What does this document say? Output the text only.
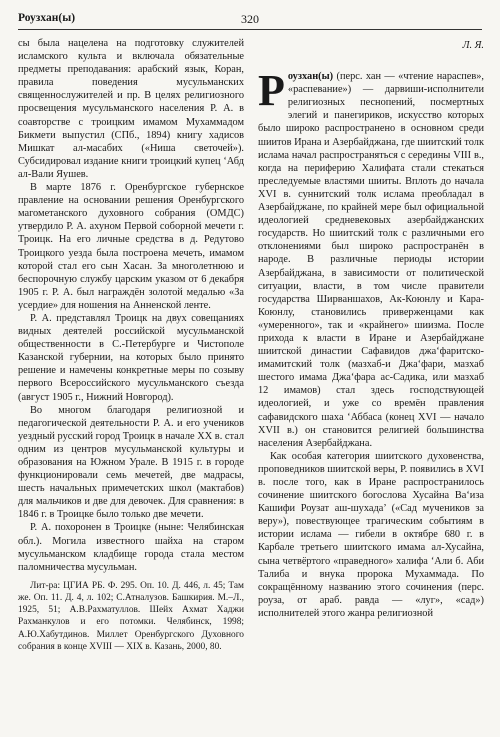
Роузхан(ы)	320

сы была нацелена на подготовку служителей исламского культа и включала обязательные предметы преподавания: арабский язык, Коран, правила поведения мусульманских священнослужителей и пр. В целях религиозного просвещения мусульманского населения Р. А. в соавторстве с троицким имамом Мухаммадом Бикмети выпустил (СПб., 1894) книгу хадисов Мишкат ал-масабих («Ниша светочей»). Субсидировал издание книги троицкий купец ‘Абд ал-Вали Яушев.

В марте 1876 г. Оренбургское губернское правление на основании решения Оренбургского магометанского духовного собрания (ОМДС) утвердило Р. А. ахуном Первой соборной мечети г. Троицк. На его личные средства в д. Редутово Троицкого уезда была построена мечеть, имамом которой стал его сын Хасан. За многолетнюю и беспорочную службу царским указом от 6 декабря 1905 г. Р. А. был награждён золотой медалью «За усердие» для ношения на Анненской ленте.

Р. А. представлял Троицк на двух совещаниях видных деятелей российской мусульманской общественности в С.-Петербурге и Чистополе Казанской губернии, на которых было принято решение и намечены конкретные меры по созыву первого Всероссийского мусульманского съезда (август 1905 г., Нижний Новгород).

Во многом благодаря религиозной и педагогической деятельности Р. А. и его учеников уездный русский город Троицк в начале XX в. стал одним из центров мусульманской культуры и образования на Южном Урале. В 1915 г. в городе функционировали семь мечетей, две мадрасы, шесть начальных примечетских школ (мактабов) для мальчиков и две для девочек. Для сравнения: в 1846 г. в Троицке было только две мечети.

Р. А. похоронен в Троицке (ныне: Челябинская обл.). Могила известного шайха на старом мусульманском кладбище города стала местом паломничества мусульман.

Лит-ра: ЦГИА РБ. Ф. 295. Оп. 10. Д. 446, л. 45; Там же. Оп. 11. Д. 4, л. 102; С.Атналузов. Башкирия. М.–Л., 1925, 51; А.В.Рахматуллов. Шейх Ахмат Хаджи Рахманкулов и его потомки. Челябинск, 1998; А.Ю.Хабутдинов. Миллет Оренбургского Духовного собрания в конце XVIII — XIX в. Казань, 2000, 80.

Л. Я.
Р оузхан(ы) (перс. хан — «чтение нараспев», «распевание») — дарвиши-исполнители религиозных песнопений, посмертных элегий и панегириков, искусство которых было широко распространено в основном среди шиитов Ирана и Азербайджана, где шиитский толк ислама начал распространяться с середины VIII в., когда на периферию Халифата стали стекаться преследуемые властями шииты. Вплоть до начала XVI в. суннитский толк ислама преобладал в Азербайджане, по крайней мере был официальной идеологией средневековых азербайджанских государств. Но шиитский толк с различными его отклонениями был широко распространён в народе. В различные периоды истории Азербайджана, в зависимости от политической ситуации, власти, в том числе правители государства Ширваншахов, Ак-Коюнлу и Кара-Коюнлу, становились приверженцами как «умеренного», так и «крайнего» шиизма. После прихода к власти в Иране и Азербайджане шиитской династии Сафавидов джа‘фаритско-имамитский толк (мазхаб-и Джа‘фари, мазхаб шестого имама Джа‘фара ас-Садика, или мазхаб 12 имамов) стал здесь господствующей идеологией, и уже со времён правления сафавидского шаха ‘Аббаса (конец XVI — начало XVII в.) он становится религией большинства населения Азербайджана.

Как особая категория шиитского духовенства, проповедников шиитской веры, Р. появились в XVI в. после того, как в Иране распространилось сочинение шиитского богослова Хусайна Ва‘иза Кашифи Роузат аш-шухада’ («Сад мучеников за веру»), повествующее трагическим событиям в истории ислама — гибели в октябре 680 г. в Карбале третьего шиитского имама ал-Хусайна, сына четвёртого «праведного» халифа ‘Али б. Аби Талиба и внука пророка Мухаммада. По сокращённому названию этого сочинения (перс. роуза, от араб. равда — «луг», «сад») исполнителей этого жанра религиозной
